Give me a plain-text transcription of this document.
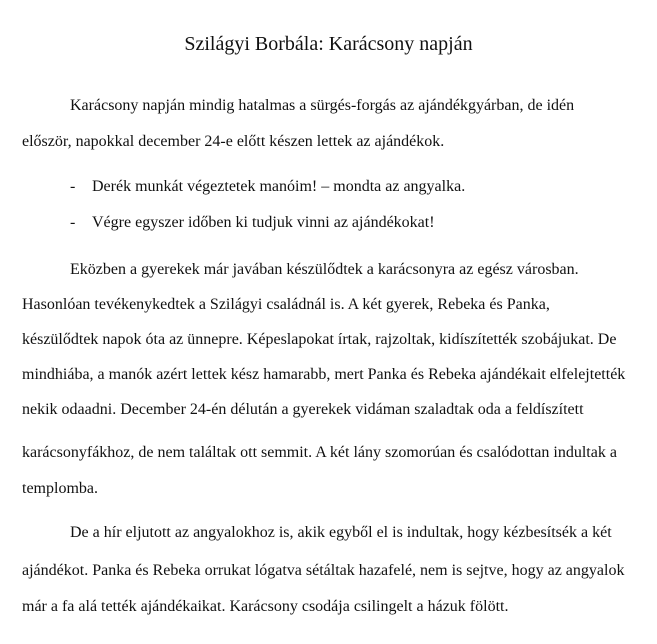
Szilágyi Borbála: Karácsony napján
Karácsony napján mindig hatalmas a sürgés-forgás az ajándékgyárban, de idén
először, napokkal december 24-e előtt készen lettek az ajándékok.
- Derék munkát végeztetek manóim! – mondta az angyalka.
- Végre egyszer időben ki tudjuk vinni az ajándékokat!
Eközben a gyerekek már javában készülődtek a karácsonyra az egész városban.
Hasonlóan tevékenykedtek a Szilágyi családnál is. A két gyerek, Rebeka és Panka,
készülődtek napok óta az ünnepre. Képeslapokat írtak, rajzoltak, kidíszítették szobájukat. De
mindhiába, a manók azért lettek kész hamarabb, mert Panka és Rebeka ajándékait elfelejtették
nekik odaadni. December 24-én délután a gyerekek vidáman szaladtak oda a feldíszített
karácsonyfákhoz, de nem találtak ott semmit. A két lány szomorúan és csalódottan indultak a
templomba.
De a hír eljutott az angyalokhoz is, akik egyből el is indultak, hogy kézbesítsék a két
ajándékot. Panka és Rebeka orrukat lógatva sétáltak hazafelé, nem is sejtve, hogy az angyalok
már a fa alá tették ajándékaikat. Karácsony csodája csilingelt a házuk fölött.
